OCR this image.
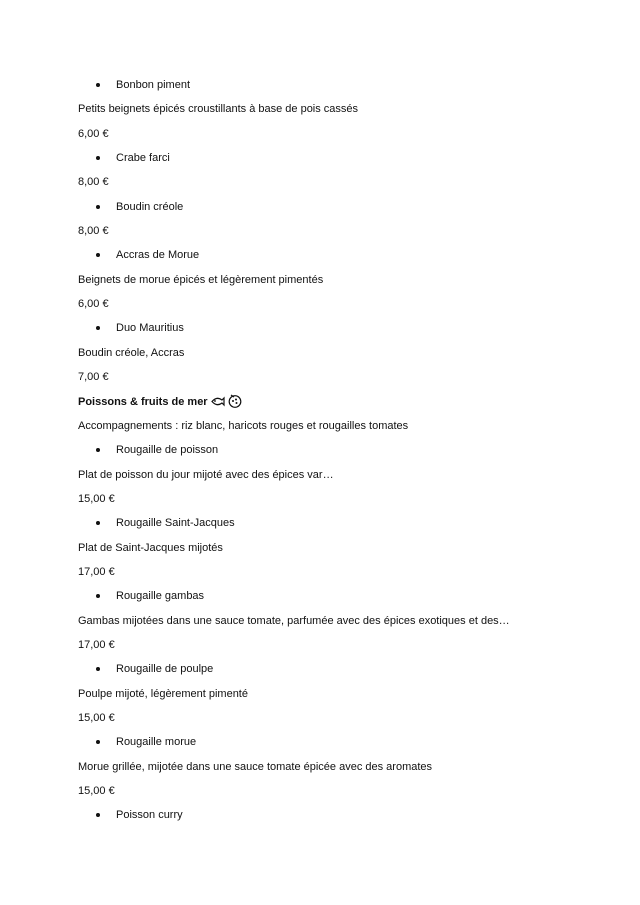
Bonbon piment
Petits beignets épicés croustillants à base de pois cassés
6,00 €
Crabe farci
8,00 €
Boudin créole
8,00 €
Accras de Morue
Beignets de morue épicés et légèrement pimentés
6,00 €
Duo Mauritius
Boudin créole, Accras
7,00 €
Poissons & fruits de mer
Accompagnements : riz blanc, haricots rouges et rougailles tomates
Rougaille de poisson
Plat de poisson du jour mijoté avec des épices var…
15,00 €
Rougaille Saint-Jacques
Plat de Saint-Jacques mijotés
17,00 €
Rougaille gambas
Gambas mijotées dans une sauce tomate, parfumée avec des épices exotiques et des…
17,00 €
Rougaille de poulpe
Poulpe mijoté, légèrement pimenté
15,00 €
Rougaille morue
Morue grillée, mijotée dans une sauce tomate épicée avec des aromates
15,00 €
Poisson curry
